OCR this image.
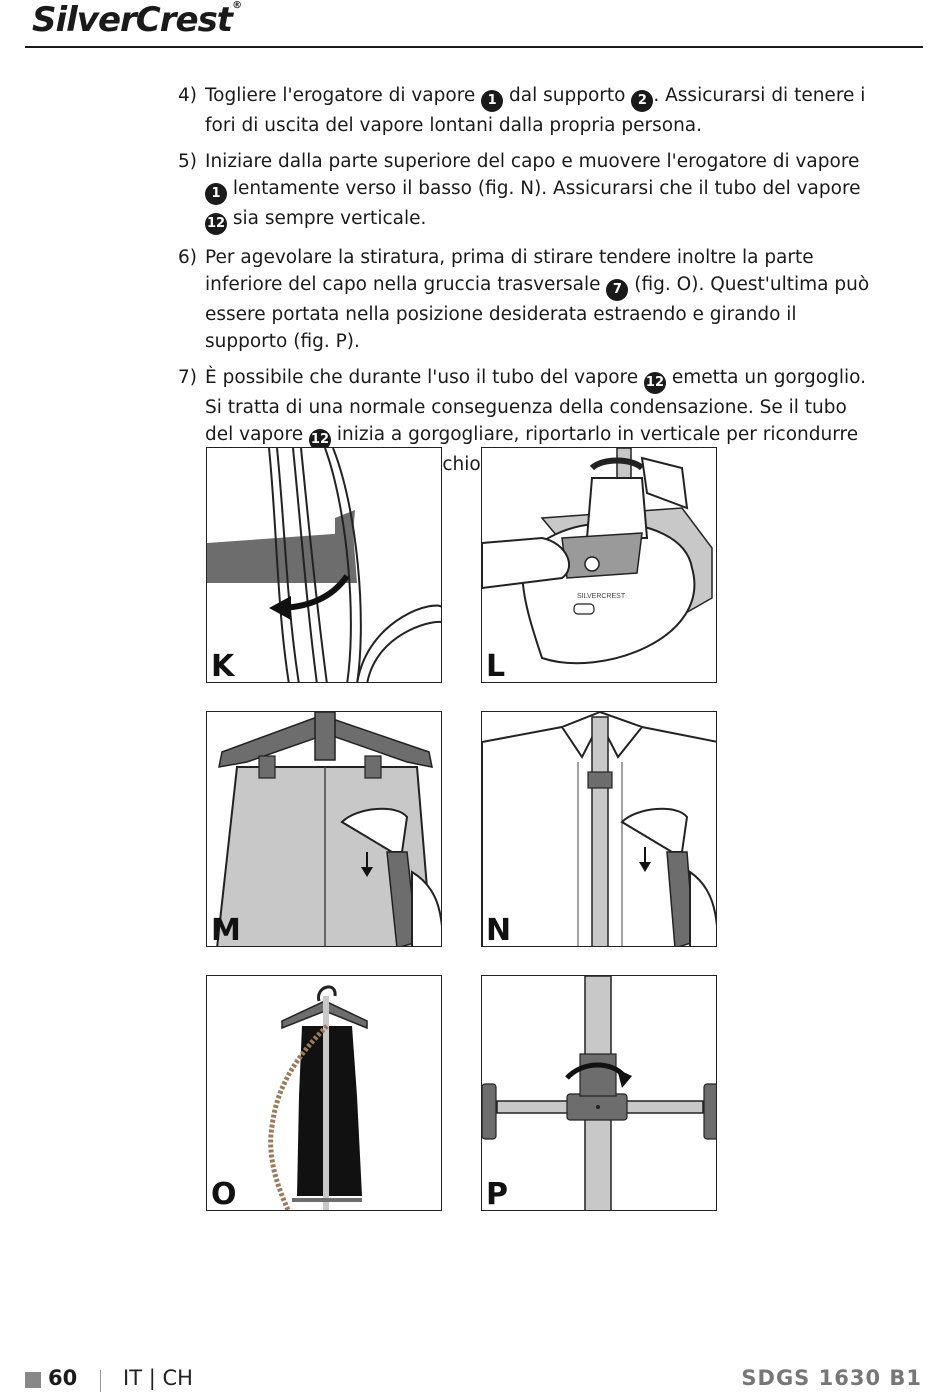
SilverCrest®
4) Togliere l'erogatore di vapore 1 dal supporto 2 . Assicurarsi di tenere i fori di uscita del vapore lontani dalla propria persona.
5) Iniziare dalla parte superiore del capo e muovere l'erogatore di vapore 1 lentamente verso il basso (fig. N). Assicurarsi che il tubo del vapore 12 sia sempre verticale.
6) Per agevolare la stiratura, prima di stirare tendere inoltre la parte inferiore del capo nella gruccia trasversale 7 (fig. O). Quest'ultima può essere portata nella posizione desiderata estraendo e girando il supporto (fig. P).
7) È possibile che durante l'uso il tubo del vapore 12 emetta un gorgoglio. Si tratta di una normale conseguenza della condensazione. Se il tubo del vapore 12 inizia a gorgogliare, riportarlo in verticale per ricondurre
K
SILVERCREST
L
M	N
O	P
60 IT | CH	SDGS 1630 B1
